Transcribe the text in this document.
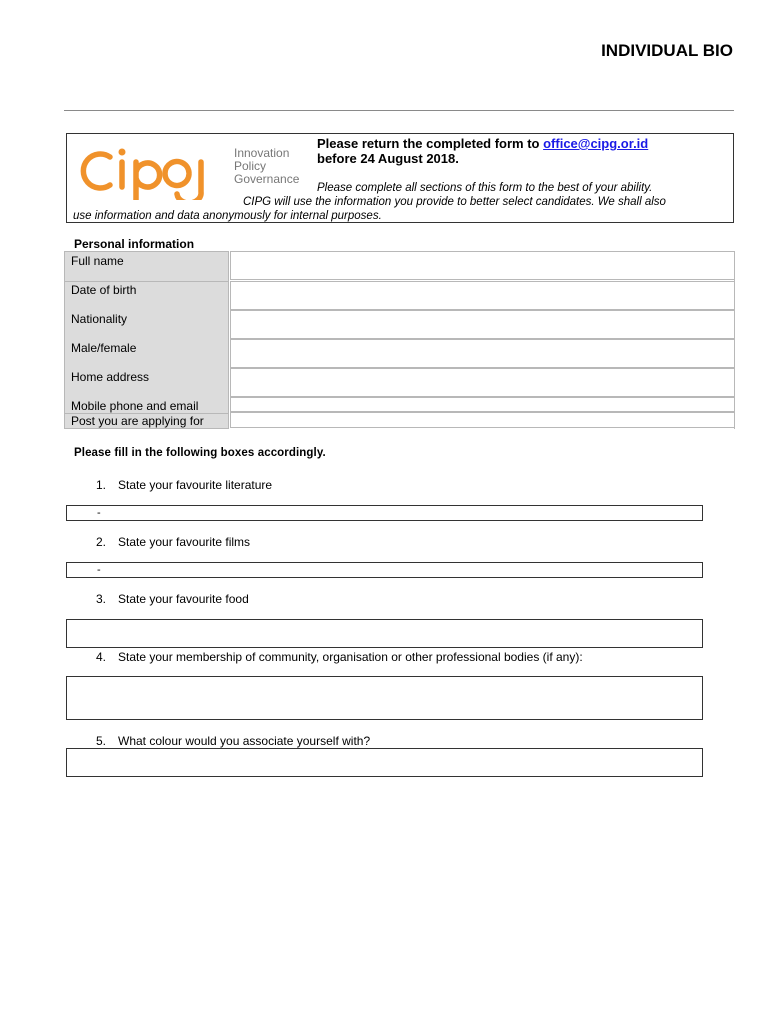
INDIVIDUAL BIO
Innovation
Policy
Governance
Please return the completed form to office@cipg.or.id
before 24 August 2018.
Please complete all sections of this form to the best of your ability.
CIPG will use the information you provide to better select candidates. We shall also
use information and data anonymously for internal purposes.
Personal information
Full name
Date of birth
Nationality
Male/female
Home address
Mobile phone and email
Post you are applying for
Please fill in the following boxes accordingly.
1. State your favourite literature
-
2. State your favourite films
-
3. State your favourite food
4. State your membership of community, organisation or other professional bodies (if any):
5. What colour would you associate yourself with?
